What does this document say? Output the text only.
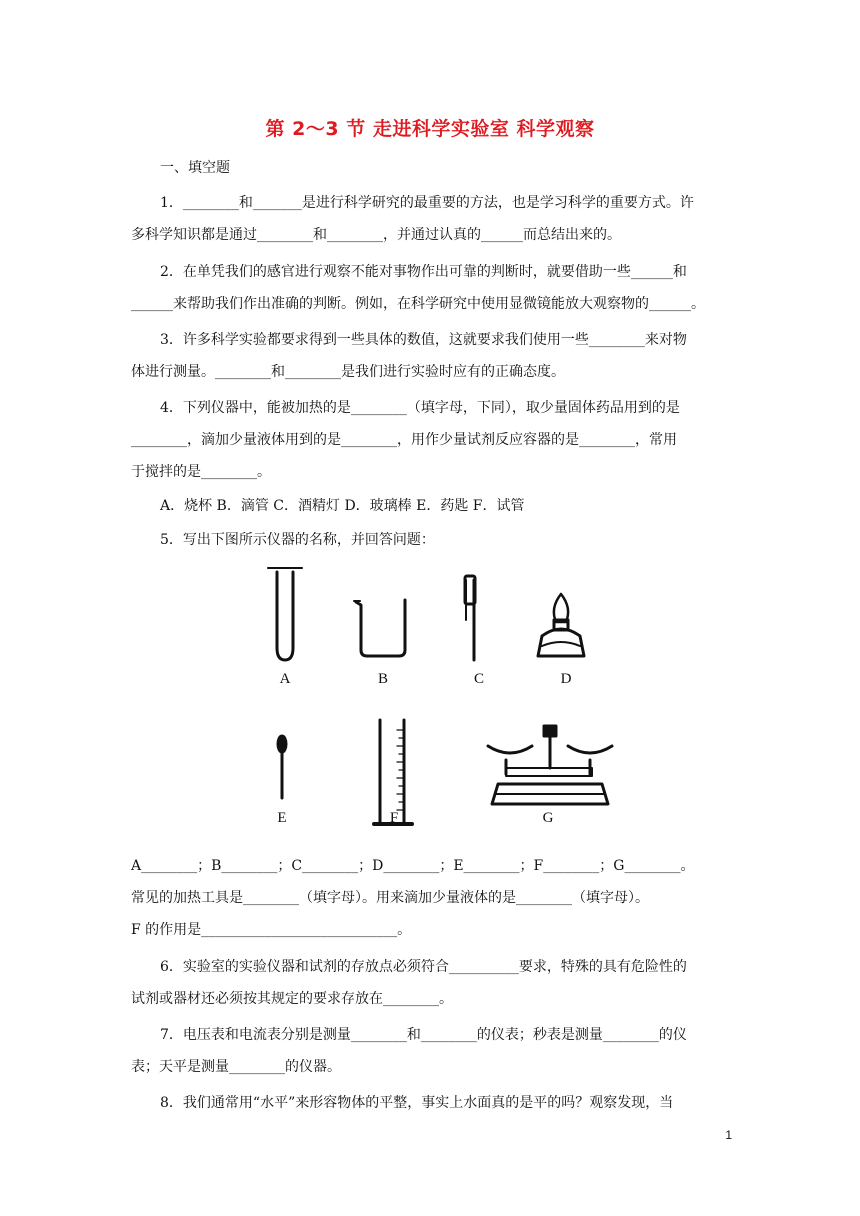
第 2～3 节 走进科学实验室 科学观察
一、填空题
1．________和_______是进行科学研究的最重要的方法，也是学习科学的重要方式。许
多科学知识都是通过________和________，并通过认真的______而总结出来的。
2．在单凭我们的感官进行观察不能对事物作出可靠的判断时，就要借助一些______和
______来帮助我们作出准确的判断。例如，在科学研究中使用显微镜能放大观察物的______。
3．许多科学实验都要求得到一些具体的数值，这就要求我们使用一些________来对物
体进行测量。________和________是我们进行实验时应有的正确态度。
4．下列仪器中，能被加热的是________（填字母，下同），取少量固体药品用到的是
________，滴加少量液体用到的是________，用作少量试剂反应容器的是________，常用
于搅拌的是________。
A．烧杯 B．滴管 C．酒精灯 D．玻璃棒 E．药匙 F．试管
5．写出下图所示仪器的名称，并回答问题：
A	B	C	D
E	F	G
A________；B________；C________；D________；E________；F________；G________。
常见的加热工具是________（填字母）。用来滴加少量液体的是________（填字母）。
F 的作用是____________________________。
6．实验室的实验仪器和试剂的存放点必须符合__________要求，特殊的具有危险性的
试剂或器材还必须按其规定的要求存放在________。
7．电压表和电流表分别是测量________和________的仪表；秒表是测量________的仪
表；天平是测量________的仪器。
8．我们通常用“水平”来形容物体的平整，事实上水面真的是平的吗？观察发现，当
1
